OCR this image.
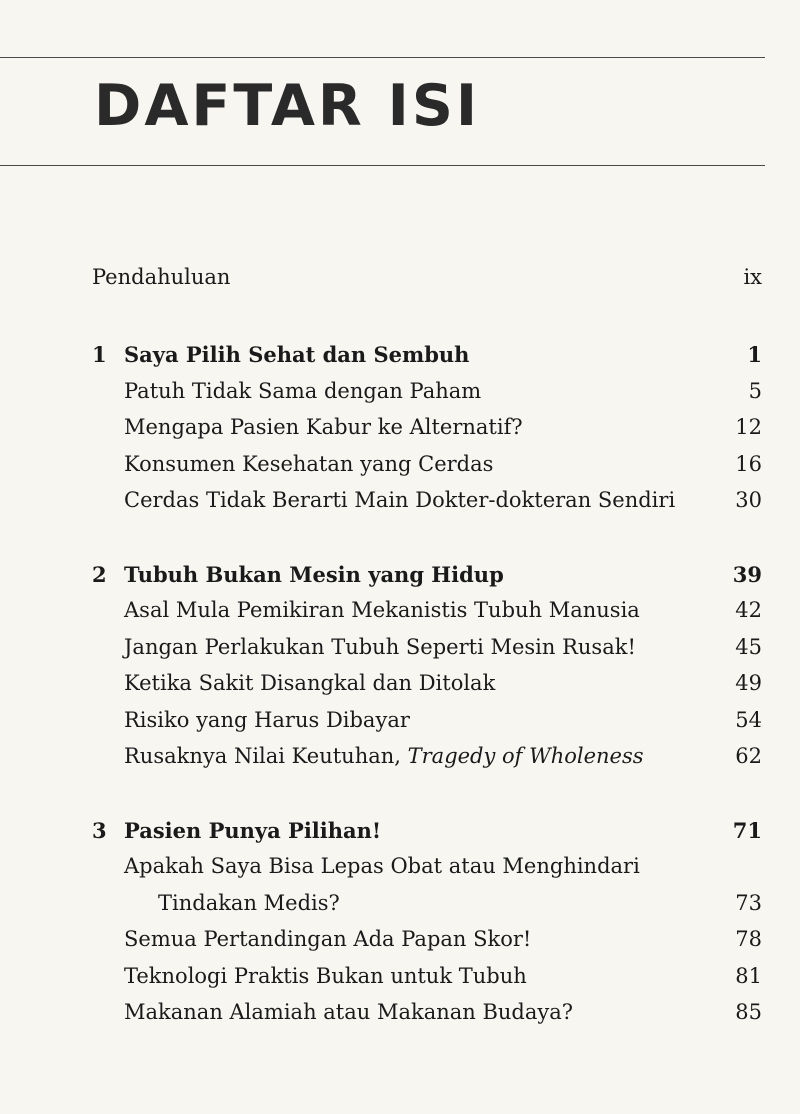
DAFTAR ISI
Pendahuluan	ix
1 Saya Pilih Sehat dan Sembuh	1
Patuh Tidak Sama dengan Paham	5
Mengapa Pasien Kabur ke Alternatif?	12
Konsumen Kesehatan yang Cerdas	16
Cerdas Tidak Berarti Main Dokter-dokteran Sendiri	30
2 Tubuh Bukan Mesin yang Hidup	39
Asal Mula Pemikiran Mekanistis Tubuh Manusia	42
Jangan Perlakukan Tubuh Seperti Mesin Rusak!	45
Ketika Sakit Disangkal dan Ditolak	49
Risiko yang Harus Dibayar	54
Rusaknya Nilai Keutuhan, Tragedy of Wholeness	62
3 Pasien Punya Pilihan!	71
Apakah Saya Bisa Lepas Obat atau Menghindari
Tindakan Medis?	73
Semua Pertandingan Ada Papan Skor!	78
Teknologi Praktis Bukan untuk Tubuh	81
Makanan Alamiah atau Makanan Budaya?	85
